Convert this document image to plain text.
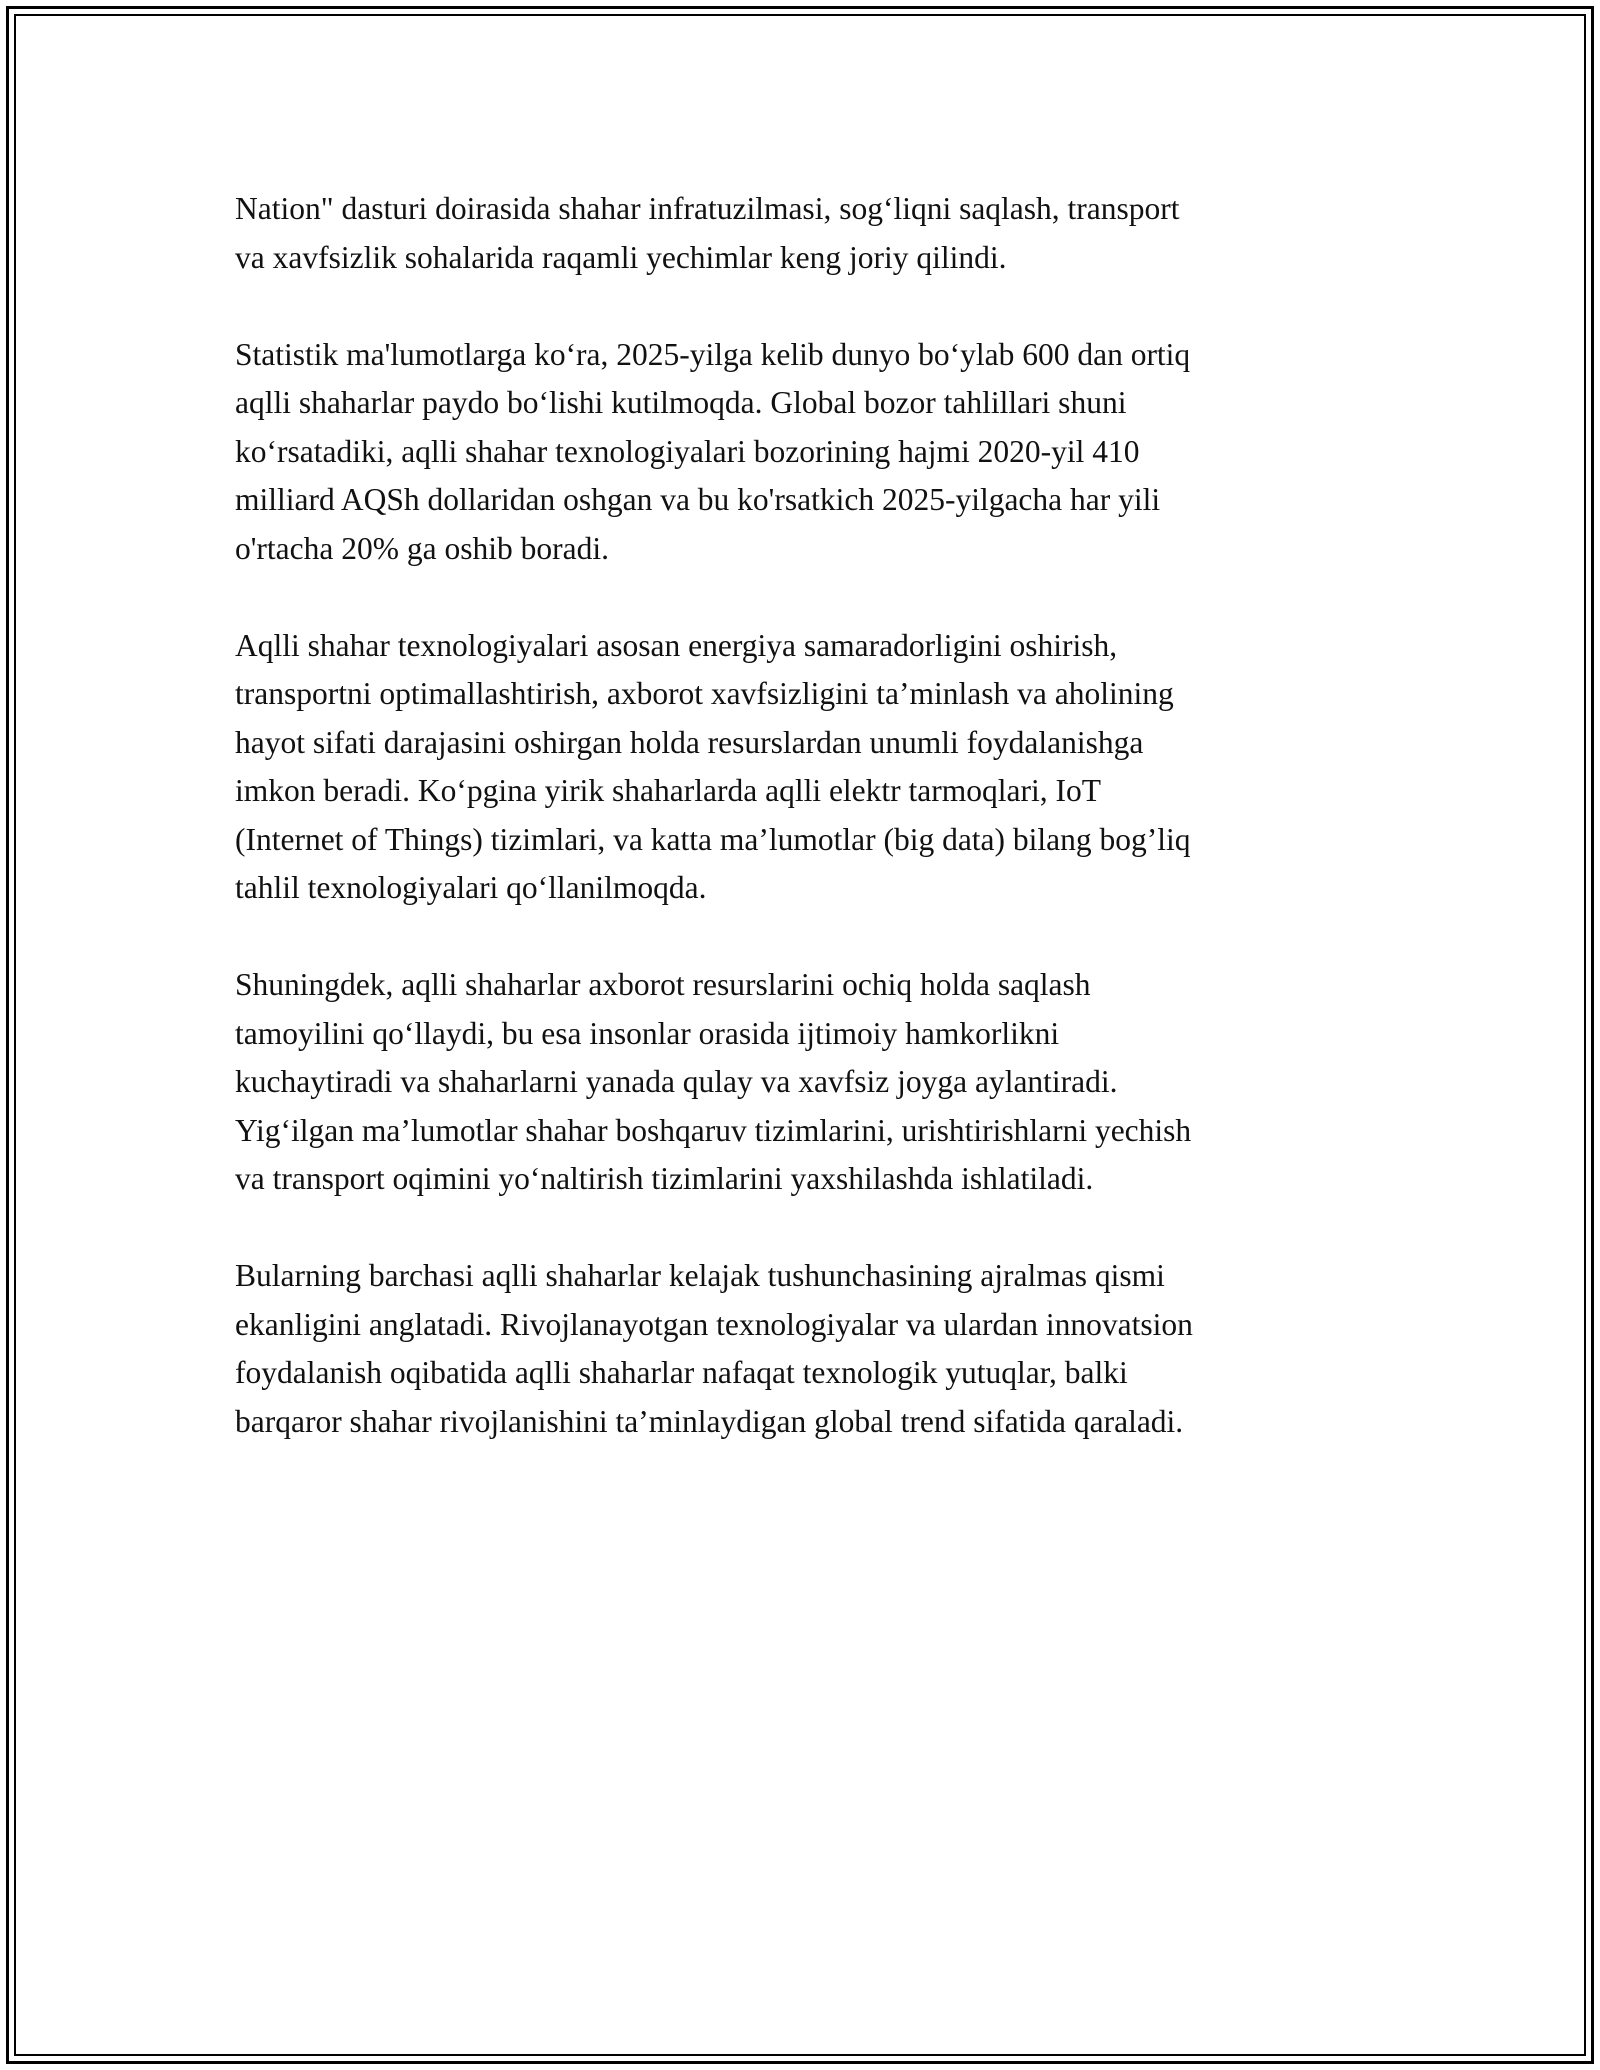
Nation" dasturi doirasida shahar infratuzilmasi, sog‘liqni saqlash, transport
va xavfsizlik sohalarida raqamli yechimlar keng joriy qilindi.

Statistik ma'lumotlarga ko‘ra, 2025-yilga kelib dunyo bo‘ylab 600 dan ortiq
aqlli shaharlar paydo bo‘lishi kutilmoqda. Global bozor tahlillari shuni
ko‘rsatadiki, aqlli shahar texnologiyalari bozorining hajmi 2020-yil 410
milliard AQSh dollaridan oshgan va bu ko'rsatkich 2025-yilgacha har yili
o'rtacha 20% ga oshib boradi.

Aqlli shahar texnologiyalari asosan energiya samaradorligini oshirish,
transportni optimallashtirish, axborot xavfsizligini ta’minlash va aholining
hayot sifati darajasini oshirgan holda resurslardan unumli foydalanishga
imkon beradi. Ko‘pgina yirik shaharlarda aqlli elektr tarmoqlari, IoT
(Internet of Things) tizimlari, va katta ma’lumotlar (big data) bilang bog’liq
tahlil texnologiyalari qo‘llanilmoqda.

Shuningdek, aqlli shaharlar axborot resurslarini ochiq holda saqlash
tamoyilini qo‘llaydi, bu esa insonlar orasida ijtimoiy hamkorlikni
kuchaytiradi va shaharlarni yanada qulay va xavfsiz joyga aylantiradi.
Yig‘ilgan ma’lumotlar shahar boshqaruv tizimlarini, urishtirishlarni yechish
va transport oqimini yo‘naltirish tizimlarini yaxshilashda ishlatiladi.

Bularning barchasi aqlli shaharlar kelajak tushunchasining ajralmas qismi
ekanligini anglatadi. Rivojlanayotgan texnologiyalar va ulardan innovatsion
foydalanish oqibatida aqlli shaharlar nafaqat texnologik yutuqlar, balki
barqaror shahar rivojlanishini ta’minlaydigan global trend sifatida qaraladi.
